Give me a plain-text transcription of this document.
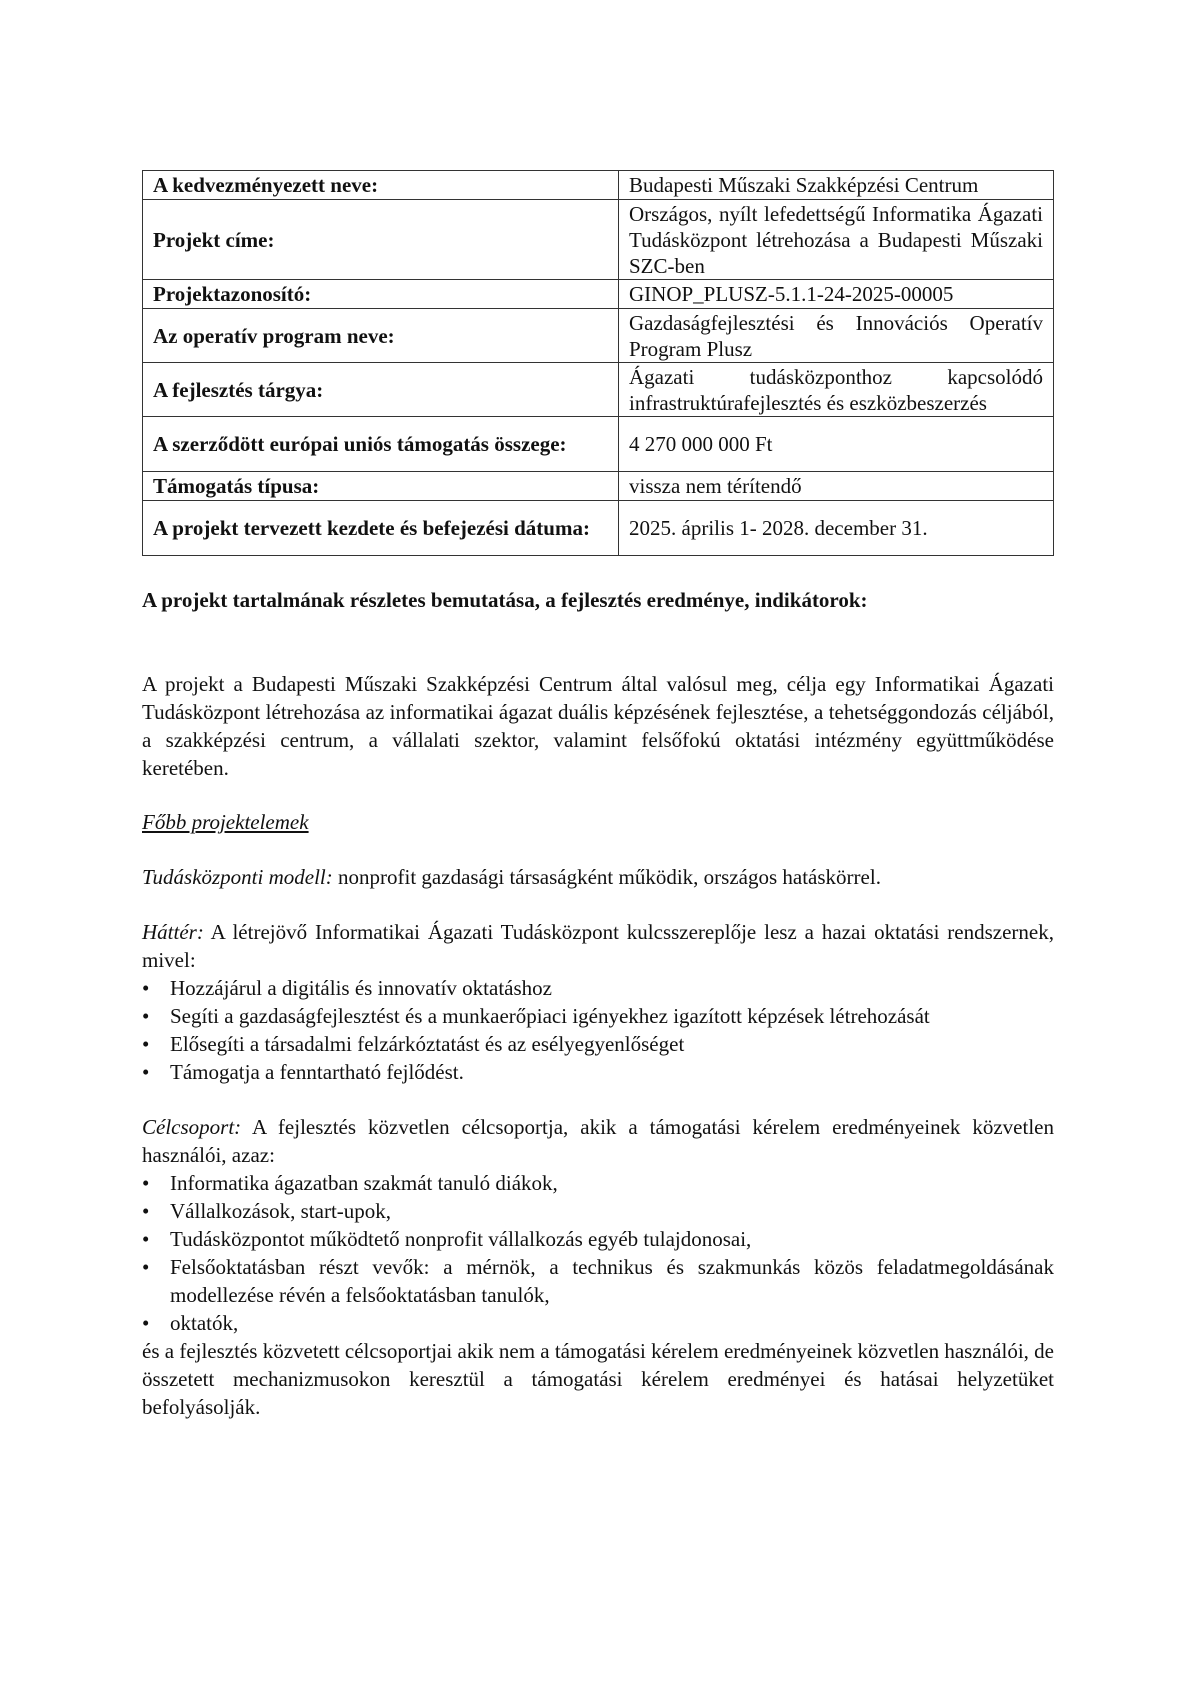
A kedvezményezett neve:	Budapesti Műszaki Szakképzési Centrum
Projekt címe:	Országos, nyílt lefedettségű Informatika Ágazati Tudásközpont létrehozása a Budapesti Műszaki SZC-ben
Projektazonosító:	GINOP_PLUSZ-5.1.1-24-2025-00005
Az operatív program neve:	Gazdaságfejlesztési és Innovációs Operatív Program Plusz
A fejlesztés tárgya:	Ágazati tudásközponthoz kapcsolódó infrastruktúrafejlesztés és eszközbeszerzés
A szerződött európai uniós támogatás összege:	4 270 000 000 Ft
Támogatás típusa:	vissza nem térítendő
A projekt tervezett kezdete és befejezési dátuma:	2025. április 1- 2028. december 31.

A projekt tartalmának részletes bemutatása, a fejlesztés eredménye, indikátorok:

A projekt a Budapesti Műszaki Szakképzési Centrum által valósul meg, célja egy Informatikai Ágazati Tudásközpont létrehozása az informatikai ágazat duális képzésének fejlesztése, a tehetséggondozás céljából, a szakképzési centrum, a vállalati szektor, valamint felsőfokú oktatási intézmény együttműködése keretében.

Főbb projektelemek

Tudásközponti modell: nonprofit gazdasági társaságként működik, országos hatáskörrel.

Háttér: A létrejövő Informatikai Ágazati Tudásközpont kulcsszereplője lesz a hazai oktatási rendszernek, mivel:

• Hozzájárul a digitális és innovatív oktatáshoz
• Segíti a gazdaságfejlesztést és a munkaerőpiaci igényekhez igazított képzések létrehozását
• Elősegíti a társadalmi felzárkóztatást és az esélyegyenlőséget
• Támogatja a fenntartható fejlődést.

Célcsoport: A fejlesztés közvetlen célcsoportja, akik a támogatási kérelem eredményeinek közvetlen használói, azaz:

• Informatika ágazatban szakmát tanuló diákok,
• Vállalkozások, start-upok,
• Tudásközpontot működtető nonprofit vállalkozás egyéb tulajdonosai,
• Felsőoktatásban részt vevők: a mérnök, a technikus és szakmunkás közös feladatmegoldásának modellezése révén a felsőoktatásban tanulók,
• oktatók,

és a fejlesztés közvetett célcsoportjai akik nem a támogatási kérelem eredményeinek közvetlen használói, de összetett mechanizmusokon keresztül a támogatási kérelem eredményei és hatásai helyzetüket befolyásolják.
